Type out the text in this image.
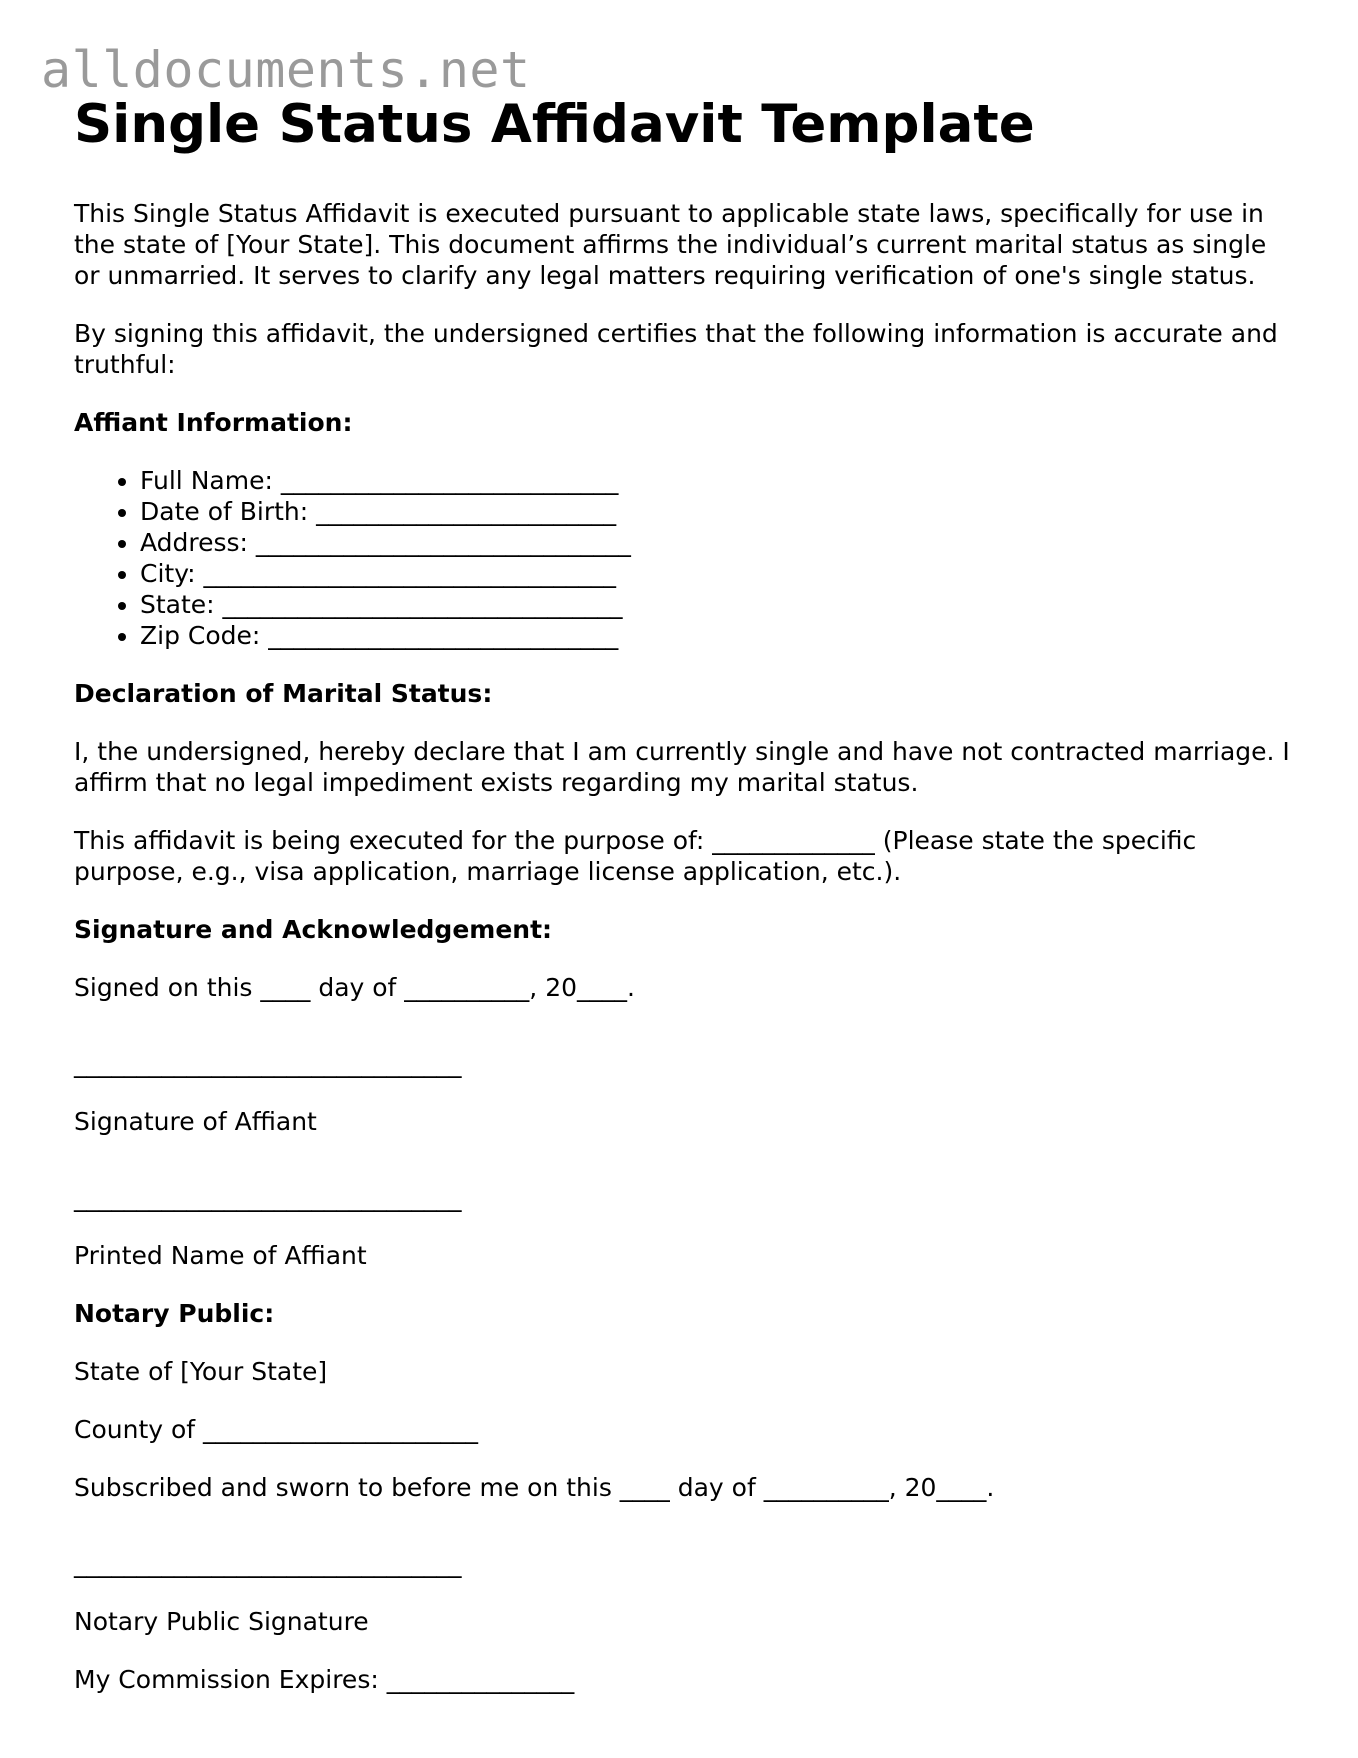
alldocuments.net
Single Status Affidavit Template

This Single Status Affidavit is executed pursuant to applicable state laws, specifically for use in the state of [Your State]. This document affirms the individual’s current marital status as single or unmarried. It serves to clarify any legal matters requiring verification of one's single status.

By signing this affidavit, the undersigned certifies that the following information is accurate and truthful:

Affiant Information:

• Full Name: ___________________________
• Date of Birth: ________________________
• Address: ______________________________
• City: _________________________________
• State: ________________________________
• Zip Code: ____________________________

Declaration of Marital Status:

I, the undersigned, hereby declare that I am currently single and have not contracted marriage. I affirm that no legal impediment exists regarding my marital status.

This affidavit is being executed for the purpose of: _____________ (Please state the specific purpose, e.g., visa application, marriage license application, etc.).

Signature and Acknowledgement:

Signed on this ____ day of __________, 20____.

_______________________________

Signature of Affiant

_______________________________

Printed Name of Affiant

Notary Public:

State of [Your State]

County of ______________________

Subscribed and sworn to before me on this ____ day of __________, 20____.

_______________________________

Notary Public Signature

My Commission Expires: _______________
